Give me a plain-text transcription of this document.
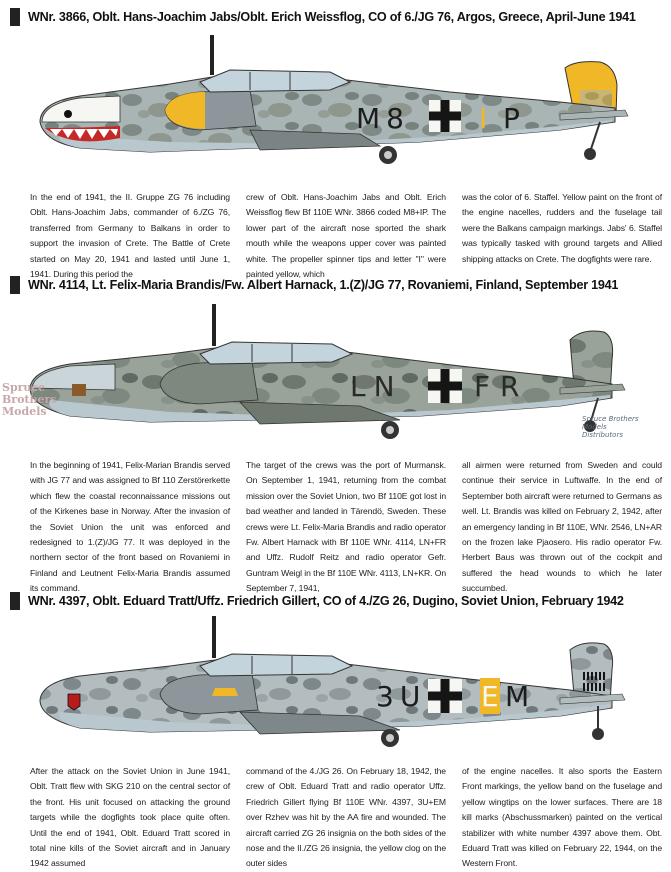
WNr. 3866, Oblt. Hans-Joachim Jabs/Oblt. Erich Weissflog, CO of 6./JG 76, Argos, Greece, April-June 1941
M8 I P
In the end of 1941, the II. Gruppe ZG 76 including Oblt. Hans-Joachim Jabs, commander of 6./ZG 76, transferred from Germany to Balkans in order to support the invasion of Crete. The Battle of Crete started on May 20, 1941 and lasted until June 1, 1941. During this period the
crew of Oblt. Hans-Joachim Jabs and Oblt. Erich Weissflog flew Bf 110E WNr. 3866 coded M8+IP. The lower part of the aircraft nose sported the shark mouth while the weapons upper cover was painted white. The propeller spinner tips and letter "I" were painted yellow, which
was the color of 6. Staffel. Yellow paint on the front of the engine nacelles, rudders and the fuselage tail were the Balkans campaign markings. Jabs' 6. Staffel was typically tasked with ground targets and Allied shipping attacks on Crete. The dogfights were rare.
WNr. 4114, Lt. Felix-Maria Brandis/Fw. Albert Harnack, 1.(Z)/JG 77, Rovaniemi, Finland, September 1941
LN	F R
Spruce
Brothers
Models
Spruce Brothers
Models
Distributors
In the beginning of 1941, Felix-Marian Brandis served with JG 77 and was assigned to Bf 110 Zerstörerkette which flew the coastal reconnaissance missions out of the Kirkenes base in Norway. After the invasion of the Soviet Union the unit was enforced and redesigned to 1.(Z)/JG 77. It was deployed in the northern sector of the front based on Rovaniemi in Finland and Leutnent Felix-Maria Brandis assumed its command.
The target of the crews was the port of Murmansk. On September 1, 1941, returning from the combat mission over the Soviet Union, two Bf 110E got lost in bad weather and landed in Tärendö, Sweden. These crews were Lt. Felix-Maria Brandis and radio operator Fw. Albert Harnack with Bf 110E WNr. 4114, LN+FR and Uffz. Rudolf Reitz and radio operator Gefr. Guntram Weigl in the Bf 110E WNr. 4113, LN+KR. On September 7, 1941,
all airmen were returned from Sweden and could continue their service in Luftwaffe. In the end of September both aircraft were returned to Germans as well. Lt. Brandis was killed on February 2, 1942, after an emergency landing in Bf 110E, WNr. 2546, LN+AR on the frozen lake Pjaosero. His radio operator Fw. Herbert Baus was thrown out of the cockpit and suffered the head wounds to which he later succumbed.
WNr. 4397, Oblt. Eduard Tratt/Uffz. Friedrich Gillert, CO of 4./ZG 26, Dugino, Soviet Union, February 1942
3U E M
After the attack on the Soviet Union in June 1941, Oblt. Tratt flew with SKG 210 on the central sector of the front. His unit focused on attacking the ground targets while the dogfights took place quite often. Until the end of 1941, Oblt. Eduard Tratt scored in total nine kills of the Soviet aircraft and in January 1942 assumed
command of the 4./JG 26. On February 18, 1942, the crew of Oblt. Eduard Tratt and radio operator Uffz. Friedrich Gillert flying Bf 110E WNr. 4397, 3U+EM over Rzhev was hit by the AA fire and wounded. The aircraft carried ZG 26 insignia on the both sides of the nose and the II./ZG 26 insignia, the yellow clog on the outer sides
of the engine nacelles. It also sports the Eastern Front markings, the yellow band on the fuselage and yellow wingtips on the lower surfaces. There are 18 kill marks (Abschussmarken) painted on the vertical stabilizer with white number 4397 above them. Obt. Eduard Tratt was killed on February 22, 1944, on the Western Front.
